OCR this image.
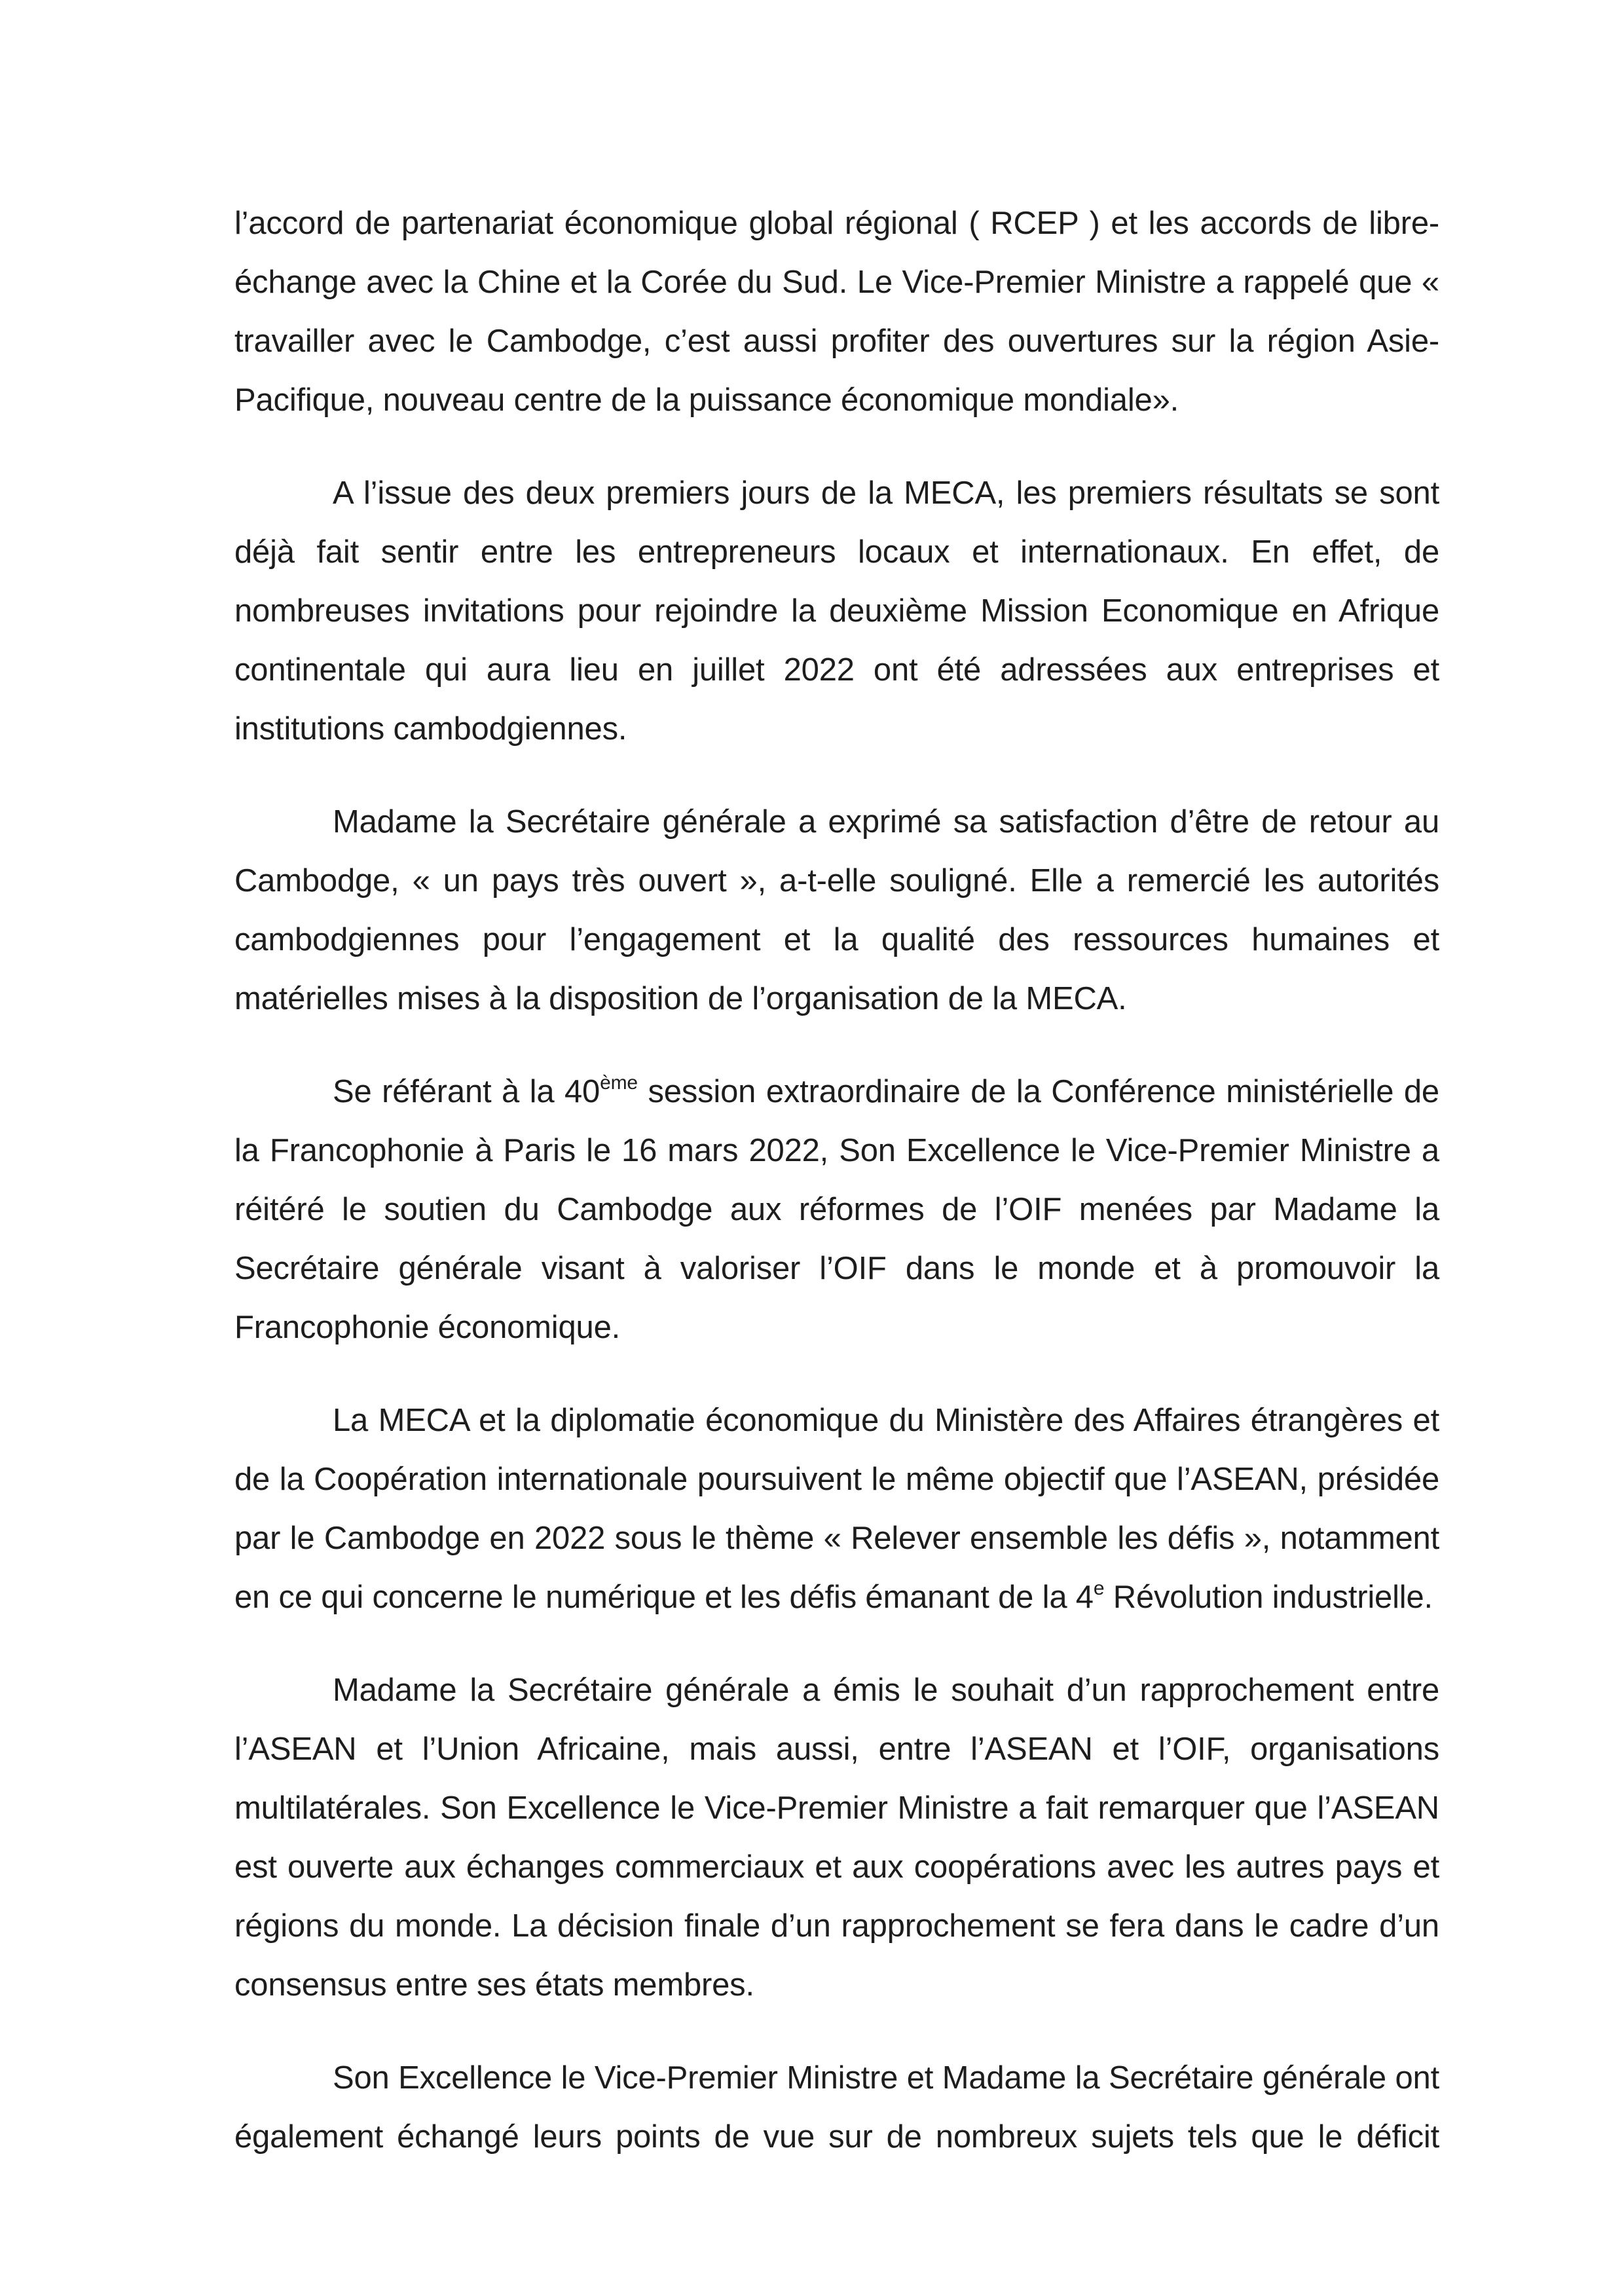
l’accord de partenariat économique global régional ( RCEP ) et les accords de libre-échange avec la Chine et la Corée du Sud. Le Vice-Premier Ministre a rappelé que « travailler avec le Cambodge, c’est aussi profiter des ouvertures sur la région Asie-Pacifique, nouveau centre de la puissance économique mondiale».

A l’issue des deux premiers jours de la MECA, les premiers résultats se sont déjà fait sentir entre les entrepreneurs locaux et internationaux. En effet, de nombreuses invitations pour rejoindre la deuxième Mission Economique en Afrique continentale qui aura lieu en juillet 2022 ont été adressées aux entreprises et institutions cambodgiennes.

Madame la Secrétaire générale a exprimé sa satisfaction d’être de retour au Cambodge, « un pays très ouvert », a-t-elle souligné. Elle a remercié les autorités cambodgiennes pour l’engagement et la qualité des ressources humaines et matérielles mises à la disposition de l’organisation de la MECA.

Se référant à la 40ème session extraordinaire de la Conférence ministérielle de la Francophonie à Paris le 16 mars 2022, Son Excellence le Vice-Premier Ministre a réitéré le soutien du Cambodge aux réformes de l’OIF menées par Madame la Secrétaire générale visant à valoriser l’OIF dans le monde et à promouvoir la Francophonie économique.

La MECA et la diplomatie économique du Ministère des Affaires étrangères et de la Coopération internationale poursuivent le même objectif que l’ASEAN, présidée par le Cambodge en 2022 sous le thème « Relever ensemble les défis », notamment en ce qui concerne le numérique et les défis émanant de la 4e Révolution industrielle.

Madame la Secrétaire générale a émis le souhait d’un rapprochement entre l’ASEAN et l’Union Africaine, mais aussi, entre l’ASEAN et l’OIF, organisations multilatérales. Son Excellence le Vice-Premier Ministre a fait remarquer que l’ASEAN est ouverte aux échanges commerciaux et aux coopérations avec les autres pays et régions du monde. La décision finale d’un rapprochement se fera dans le cadre d’un consensus entre ses états membres.

Son Excellence le Vice-Premier Ministre et Madame la Secrétaire générale ont également échangé leurs points de vue sur de nombreux sujets tels que le déficit
